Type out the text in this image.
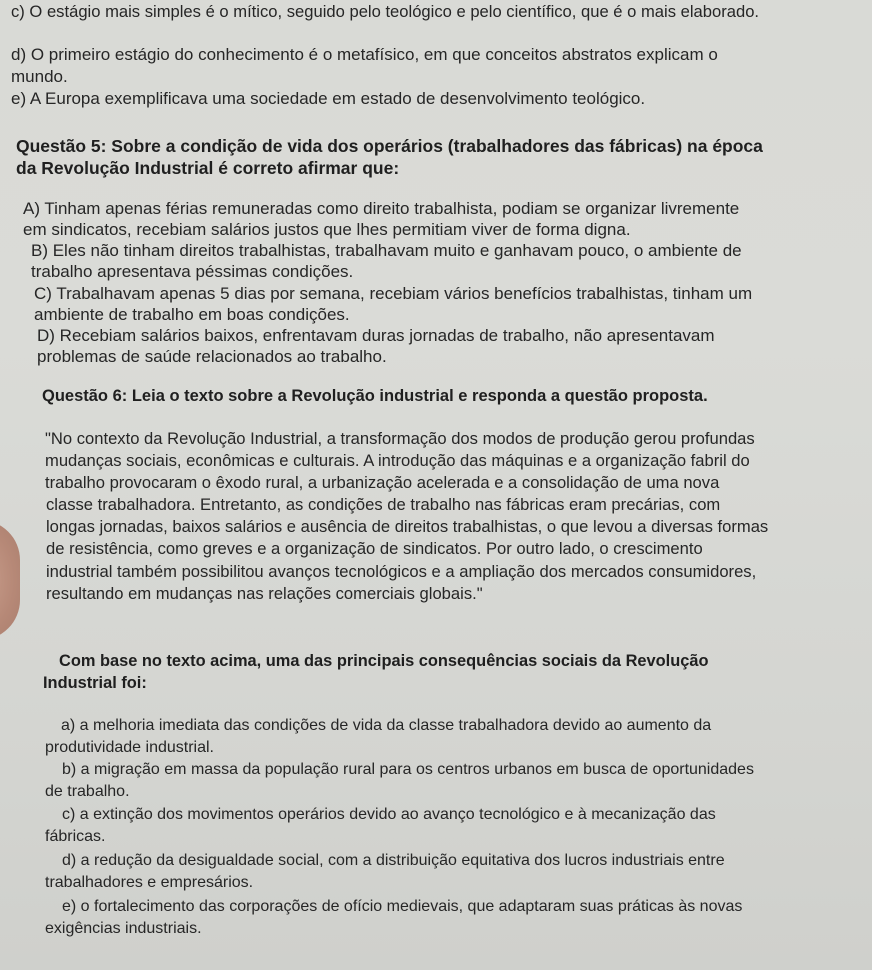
c) O estágio mais simples é o mítico, seguido pelo teológico e pelo científico, que é o mais elaborado.
d) O primeiro estágio do conhecimento é o metafísico, em que conceitos abstratos explicam o
mundo.
e) A Europa exemplificava uma sociedade em estado de desenvolvimento teológico.
Questão 5: Sobre a condição de vida dos operários (trabalhadores das fábricas) na época
da Revolução Industrial é correto afirmar que:
A) Tinham apenas férias remuneradas como direito trabalhista, podiam se organizar livremente
em sindicatos, recebiam salários justos que lhes permitiam viver de forma digna.
B) Eles não tinham direitos trabalhistas, trabalhavam muito e ganhavam pouco, o ambiente de
trabalho apresentava péssimas condições.
C) Trabalhavam apenas 5 dias por semana, recebiam vários benefícios trabalhistas, tinham um
ambiente de trabalho em boas condições.
D) Recebiam salários baixos, enfrentavam duras jornadas de trabalho, não apresentavam
problemas de saúde relacionados ao trabalho.
Questão 6: Leia o texto sobre a Revolução industrial e responda a questão proposta.
"No contexto da Revolução Industrial, a transformação dos modos de produção gerou profundas
mudanças sociais, econômicas e culturais. A introdução das máquinas e a organização fabril do
trabalho provocaram o êxodo rural, a urbanização acelerada e a consolidação de uma nova
classe trabalhadora. Entretanto, as condições de trabalho nas fábricas eram precárias, com
longas jornadas, baixos salários e ausência de direitos trabalhistas, o que levou a diversas formas
de resistência, como greves e a organização de sindicatos. Por outro lado, o crescimento
industrial também possibilitou avanços tecnológicos e a ampliação dos mercados consumidores,
resultando em mudanças nas relações comerciais globais."
Com base no texto acima, uma das principais consequências sociais da Revolução
Industrial foi:
a) a melhoria imediata das condições de vida da classe trabalhadora devido ao aumento da
produtividade industrial.
b) a migração em massa da população rural para os centros urbanos em busca de oportunidades
de trabalho.
c) a extinção dos movimentos operários devido ao avanço tecnológico e à mecanização das
fábricas.
d) a redução da desigualdade social, com a distribuição equitativa dos lucros industriais entre
trabalhadores e empresários.
e) o fortalecimento das corporações de ofício medievais, que adaptaram suas práticas às novas
exigências industriais.
